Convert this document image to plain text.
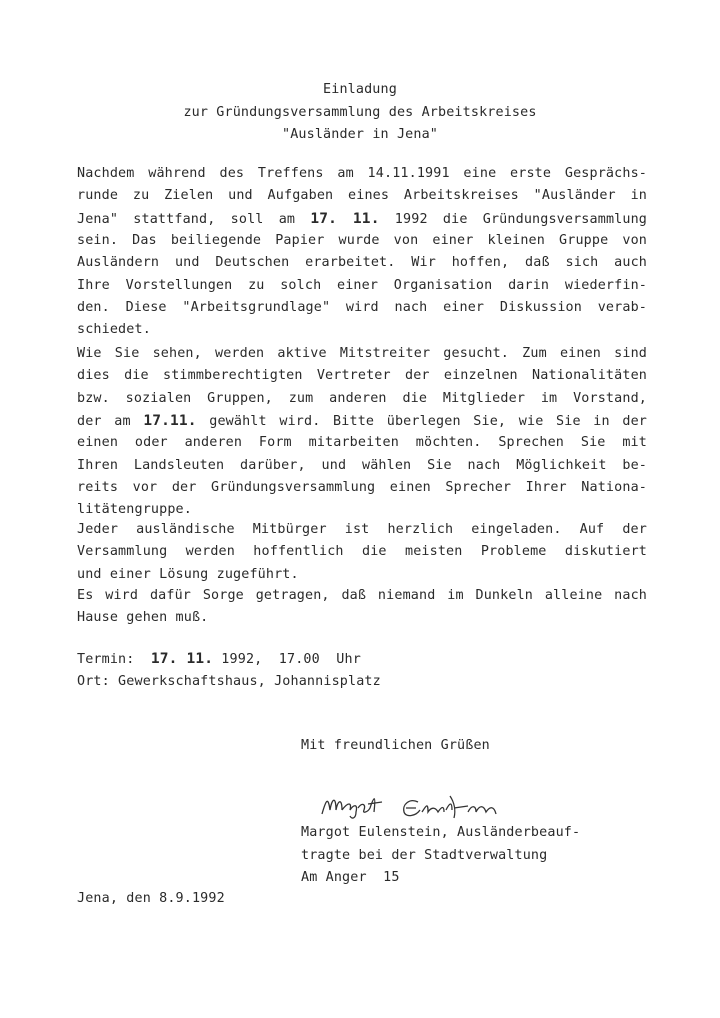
Einladung
zur Gründungsversammlung des Arbeitskreises
"Ausländer in Jena"
Nachdem während des Treffens am 14.11.1991 eine erste Gesprächs-
runde zu Zielen und Aufgaben eines Arbeitskreises "Ausländer in
Jena" stattfand, soll am 17. 11. 1992 die Gründungsversammlung
sein. Das beiliegende Papier wurde von einer kleinen Gruppe von
Ausländern und Deutschen erarbeitet. Wir hoffen, daß sich auch
Ihre Vorstellungen zu solch einer Organisation darin wiederfin-
den. Diese "Arbeitsgrundlage" wird nach einer Diskussion verab-
schiedet.
Wie Sie sehen, werden aktive Mitstreiter gesucht. Zum einen sind
dies die stimmberechtigten Vertreter der einzelnen Nationalitäten
bzw. sozialen Gruppen, zum anderen die Mitglieder im Vorstand,
der am 17.11. gewählt wird. Bitte überlegen Sie, wie Sie in der
einen oder anderen Form mitarbeiten möchten. Sprechen Sie mit
Ihren Landsleuten darüber, und wählen Sie nach Möglichkeit be-
reits vor der Gründungsversammlung einen Sprecher Ihrer Nationa-
litätengruppe.
Jeder ausländische Mitbürger ist herzlich eingeladen. Auf der
Versammlung werden hoffentlich die meisten Probleme diskutiert
und einer Lösung zugeführt.
Es wird dafür Sorge getragen, daß niemand im Dunkeln alleine nach
Hause gehen muß.
Termin: 17. 11. 1992,  17.00  Uhr
Ort: Gewerkschaftshaus, Johannisplatz
Mit freundlichen Grüßen
Margot Eulenstein, Ausländerbeauf-
tragte bei der Stadtverwaltung
Am Anger  15
Jena, den 8.9.1992
